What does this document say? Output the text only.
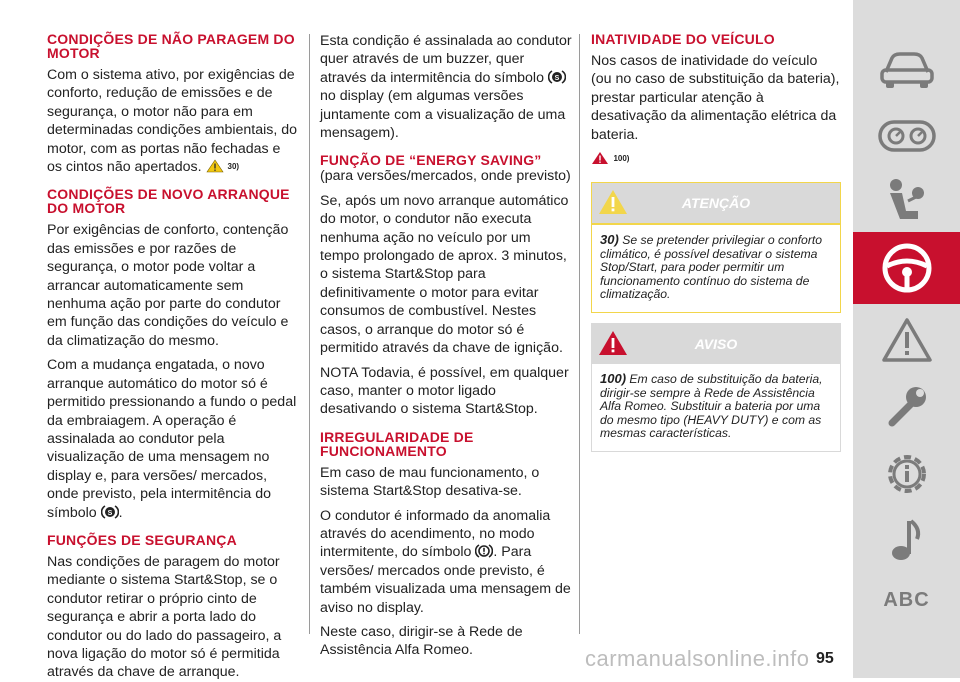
CONDIÇÕES DE NÃO PARAGEM DO MOTOR

Com o sistema ativo, por exigências de conforto, redução de emissões e de segurança, o motor não para em determinadas condições ambientais, do motor, com as portas não fechadas e os cintos não apertados.	30)

CONDIÇÕES DE NOVO ARRANQUE DO MOTOR

Por exigências de conforto, contenção das emissões e por razões de segurança, o motor pode voltar a arrancar automaticamente sem nenhuma ação por parte do condutor em função das condições do veículo e da climatização do mesmo.

Com a mudança engatada, o novo arranque automático do motor só é permitido pressionando a fundo o pedal da embraiagem. A operação é assinalada ao condutor pela visualização de uma mensagem no display e, para versões/ mercados, onde previsto, pela intermitência do símbolo S .

FUNÇÕES DE SEGURANÇA

Nas condições de paragem do motor mediante o sistema Start&Stop, se o condutor retirar o próprio cinto de segurança e abrir a porta lado do condutor ou do lado do passageiro, a nova ligação do motor só é permitida através da chave de arranque.

Esta condição é assinalada ao condutor quer através de um buzzer, quer através da intermitência do símbolo S
no display (em algumas versões juntamente com a visualização de uma mensagem).

FUNÇÃO DE “ENERGY SAVING”

(para versões/mercados, onde previsto)

Se, após um novo arranque automático do motor, o condutor não executa nenhuma ação no veículo por um tempo prolongado de aprox. 3 minutos, o sistema Start&Stop para definitivamente o motor para evitar consumos de combustível. Nestes casos, o arranque do motor só é permitido através da chave de ignição.

NOTA Todavia, é possível, em qualquer caso, manter o motor ligado desativando o sistema Start&Stop.

IRREGULARIDADE DE FUNCIONAMENTO

Em caso de mau funcionamento, o sistema Start&Stop desativa-se.

O condutor é informado da anomalia através do acendimento, no modo intermitente, do símbolo . Para versões/ mercados onde previsto, é também visualizada uma mensagem de aviso no display.

Neste caso, dirigir-se à Rede de Assistência Alfa Romeo.

INATIVIDADE DO VEÍCULO

Nos casos de inatividade do veículo (ou no caso de substituição da bateria), prestar particular atenção à desativação da alimentação elétrica da bateria.

100)
ATENÇÃO
30) Se se pretender privilegiar o conforto climático, é possível desativar o sistema Stop/Start, para poder permitir um funcionamento contínuo do sistema de climatização.
AVISO
100) Em caso de substituição da bateria, dirigir-se sempre à Rede de Assistência Alfa Romeo. Substituir a bateria por uma do mesmo tipo (HEAVY DUTY) e com as mesmas características.
ABC
carmanualsonline.info 95
